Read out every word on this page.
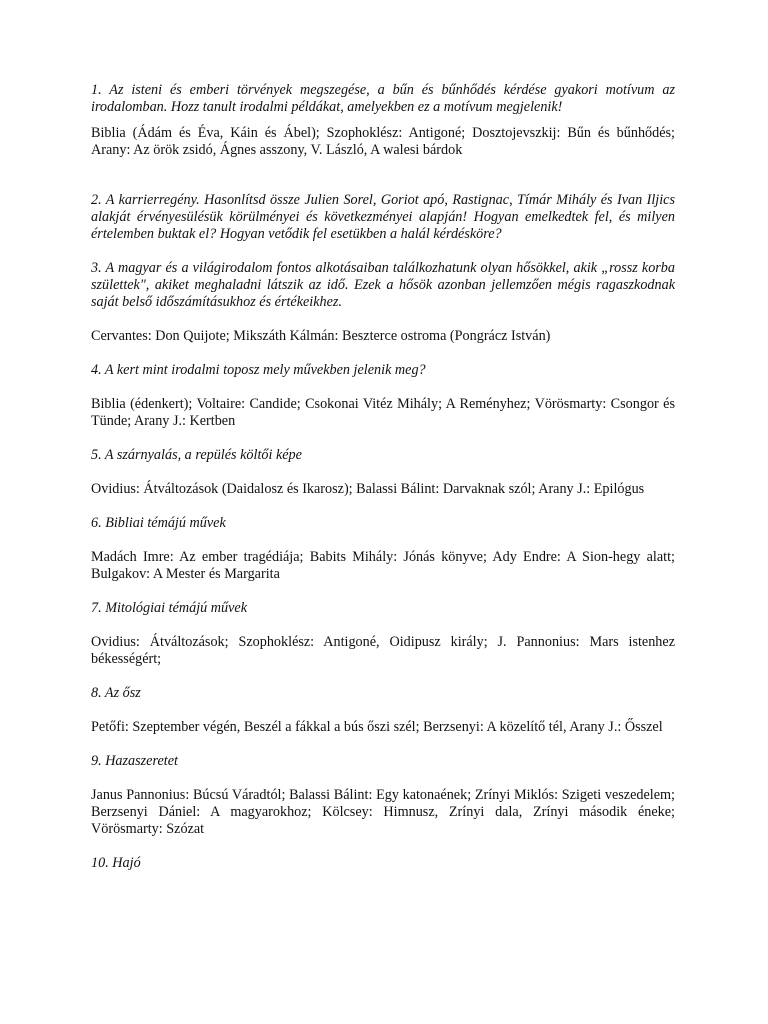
1. Az isteni és emberi törvények megszegése, a bűn és bűnhődés kérdése gyakori motívum az irodalomban. Hozz tanult irodalmi példákat, amelyekben ez a motívum megjelenik!

Biblia (Ádám és Éva, Káin és Ábel); Szophoklész: Antigoné; Dosztojevszkij: Bűn és bűnhődés; Arany: Az örök zsidó, Ágnes asszony, V. László, A walesi bárdok

2. A karrierregény. Hasonlítsd össze Julien Sorel, Goriot apó, Rastignac, Tímár Mihály és Ivan Iljics alakját érvényesülésük körülményei és következményei alapján! Hogyan emelkedtek fel, és milyen értelemben buktak el? Hogyan vetődik fel esetükben a halál kérdésköre?

3. A magyar és a világirodalom fontos alkotásaiban találkozhatunk olyan hősökkel, akik „rossz korba születtek", akiket meghaladni látszik az idő. Ezek a hősök azonban jellemzően mégis ragaszkodnak saját belső időszámításukhoz és értékeikhez.

Cervantes: Don Quijote; Mikszáth Kálmán: Beszterce ostroma (Pongrácz István)

4. A kert mint irodalmi toposz mely művekben jelenik meg?

Biblia (édenkert); Voltaire: Candide; Csokonai Vitéz Mihály; A Reményhez; Vörösmarty: Csongor és Tünde; Arany J.: Kertben

5. A szárnyalás, a repülés költői képe

Ovidius: Átváltozások (Daidalosz és Ikarosz); Balassi Bálint: Darvaknak szól; Arany J.: Epilógus

6. Bibliai témájú művek

Madách Imre: Az ember tragédiája; Babits Mihály: Jónás könyve; Ady Endre: A Sion-hegy alatt; Bulgakov: A Mester és Margarita

7. Mitológiai témájú művek

Ovidius: Átváltozások; Szophoklész: Antigoné, Oidipusz király; J. Pannonius: Mars istenhez békességért;

8. Az ősz

Petőfi: Szeptember végén, Beszél a fákkal a bús őszi szél; Berzsenyi: A közelítő tél, Arany J.: Ősszel

9. Hazaszeretet

Janus Pannonius: Búcsú Váradtól; Balassi Bálint: Egy katonaének; Zrínyi Miklós: Szigeti veszedelem; Berzsenyi Dániel: A magyarokhoz; Kölcsey: Himnusz, Zrínyi dala, Zrínyi második éneke; Vörösmarty: Szózat

10. Hajó
